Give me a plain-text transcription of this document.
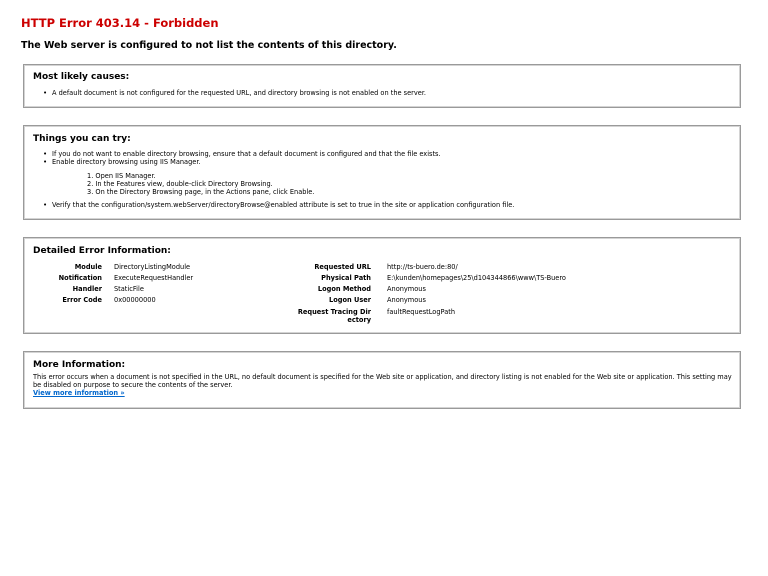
HTTP Error 403.14 - Forbidden
The Web server is configured to not list the contents of this directory.
Most likely causes:
• A default document is not configured for the requested URL, and directory browsing is not enabled on the server.
Things you can try:
• If you do not want to enable directory browsing, ensure that a default document is configured and that the file exists.
• Enable directory browsing using IIS Manager.
1. Open IIS Manager.
2. In the Features view, double-click Directory Browsing.
3. On the Directory Browsing page, in the Actions pane, click Enable.
• Verify that the configuration/system.webServer/directoryBrowse@enabled attribute is set to true in the site or application configuration file.
Detailed Error Information:
Module DirectoryListingModule
Notification ExecuteRequestHandler
Handler StaticFile
Error Code 0x00000000
Requested URL http://ts-buero.de:80/
Physical Path E:\kunden\homepages\25\d104344866\www\TS-Buero
Logon Method Anonymous
Logon User Anonymous
Request Tracing Dir
ectory
faultRequestLogPath
More Information:
This error occurs when a document is not specified in the URL, no default document is specified for the Web site or application, and directory listing is not enabled for the Web site or application. This setting may be disabled on purpose to secure the contents of the server.
View more information »
